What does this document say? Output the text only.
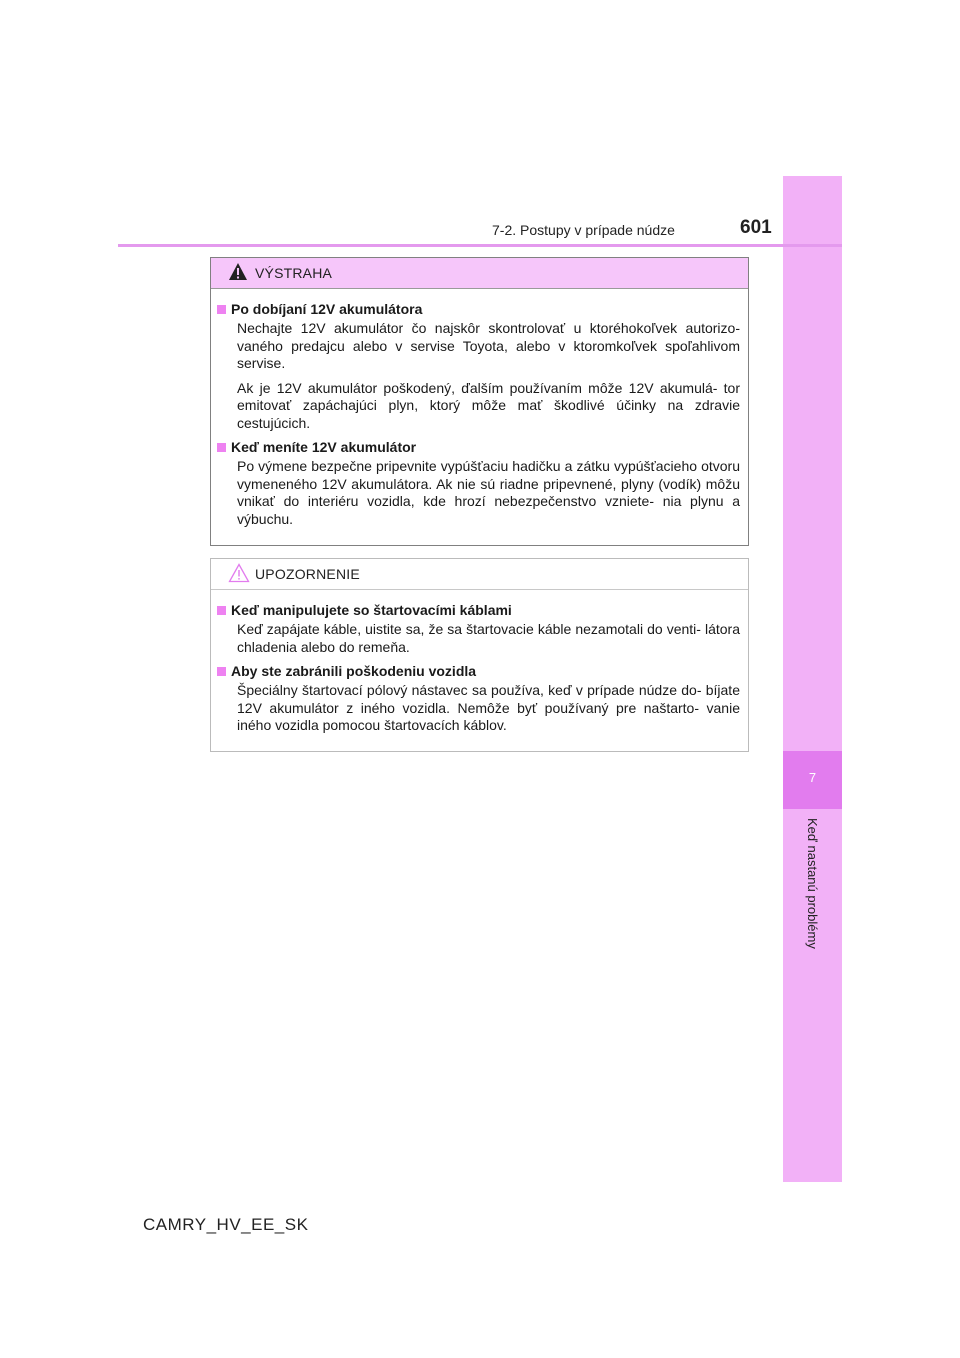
7
Keď nastanú problémy
7-2. Postupy v prípade núdze	601
VÝSTRAHA
Po dobíjaní 12V akumulátora

Nechajte 12V akumulátor čo najskôr skontrolovať u ktoréhokoľvek autorizo- vaného predajcu alebo v servise Toyota, alebo v ktoromkoľvek spoľahlivom servise.

Ak je 12V akumulátor poškodený, ďalším používaním môže 12V akumulá- tor emitovať zapáchajúci plyn, ktorý môže mať škodlivé účinky na zdravie cestujúcich.

Keď meníte 12V akumulátor

Po výmene bezpečne pripevnite vypúšťaciu hadičku a zátku vypúšťacieho otvoru vymeneného 12V akumulátora. Ak nie sú riadne pripevnené, plyny (vodík) môžu vnikať do interiéru vozidla, kde hrozí nebezpečenstvo vzniete- nia plynu a výbuchu.

UPOZORNENIE
Keď manipulujete so štartovacími káblami

Keď zapájate káble, uistite sa, že sa štartovacie káble nezamotali do venti- látora chladenia alebo do remeňa.

Aby ste zabránili poškodeniu vozidla

Špeciálny štartovací pólový nástavec sa používa, keď v prípade núdze do- bíjate 12V akumulátor z iného vozidla. Nemôže byť používaný pre naštarto- vanie iného vozidla pomocou štartovacích káblov.

CAMRY_HV_EE_SK
